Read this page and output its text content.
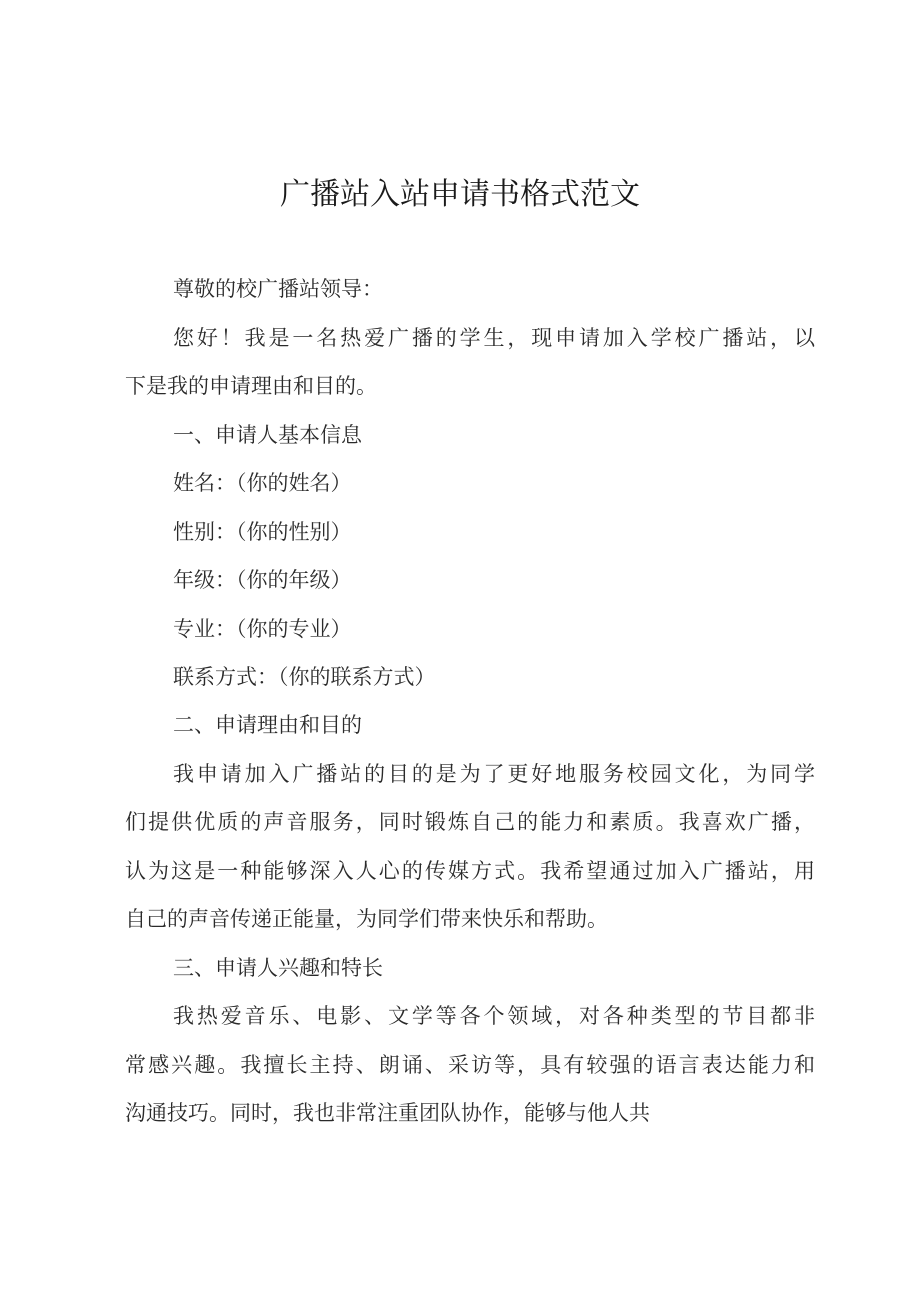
广播站入站申请书格式范文
尊敬的校广播站领导：
您好！我是一名热爱广播的学生，现申请加入学校广播站，以
下是我的申请理由和目的。
一、申请人基本信息
姓名：（你的姓名）
性别：（你的性别）
年级：（你的年级）
专业：（你的专业）
联系方式：（你的联系方式）
二、申请理由和目的
我申请加入广播站的目的是为了更好地服务校园文化，为同学
们提供优质的声音服务，同时锻炼自己的能力和素质。我喜欢广播，
认为这是一种能够深入人心的传媒方式。我希望通过加入广播站，用
自己的声音传递正能量，为同学们带来快乐和帮助。
三、申请人兴趣和特长
我热爱音乐、电影、文学等各个领域，对各种类型的节目都非
常感兴趣。我擅长主持、朗诵、采访等，具有较强的语言表达能力和
沟通技巧。同时，我也非常注重团队协作，能够与他人共
